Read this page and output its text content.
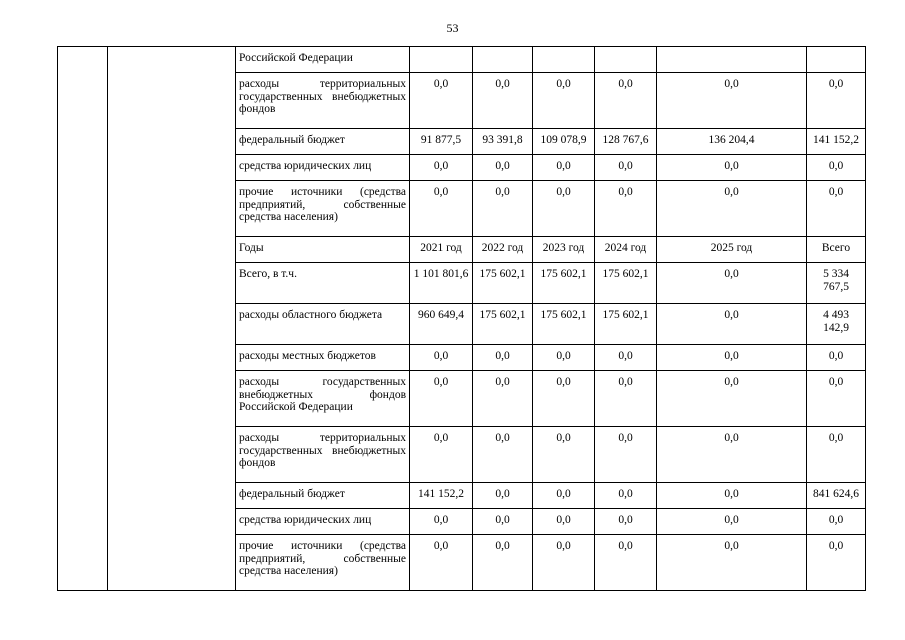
53
		Российской Федерации						
		расходы территориальных государственных внебюджетных фондов	0,0	0,0	0,0	0,0	0,0	0,0
		федеральный бюджет	91 877,5	93 391,8	109 078,9	128 767,6	136 204,4	141 152,2
		средства юридических лиц	0,0	0,0	0,0	0,0	0,0	0,0
		прочие источники (средства предприятий, собственные средства населения)	0,0	0,0	0,0	0,0	0,0	0,0
		Годы	2021 год	2022 год	2023 год	2024 год	2025 год	Всего
		Всего, в т.ч.	1 101 801,6	175 602,1	175 602,1	175 602,1	0,0	5 334 767,5
		расходы областного бюджета	960 649,4	175 602,1	175 602,1	175 602,1	0,0	4 493 142,9
		расходы местных бюджетов	0,0	0,0	0,0	0,0	0,0	0,0
		расходы государственных внебюджетных фондов Российской Федерации	0,0	0,0	0,0	0,0	0,0	0,0
		расходы территориальных государственных внебюджетных фондов	0,0	0,0	0,0	0,0	0,0	0,0
		федеральный бюджет	141 152,2	0,0	0,0	0,0	0,0	841 624,6
		средства юридических лиц	0,0	0,0	0,0	0,0	0,0	0,0
		прочие источники (средства предприятий, собственные средства населения)	0,0	0,0	0,0	0,0	0,0	0,0
